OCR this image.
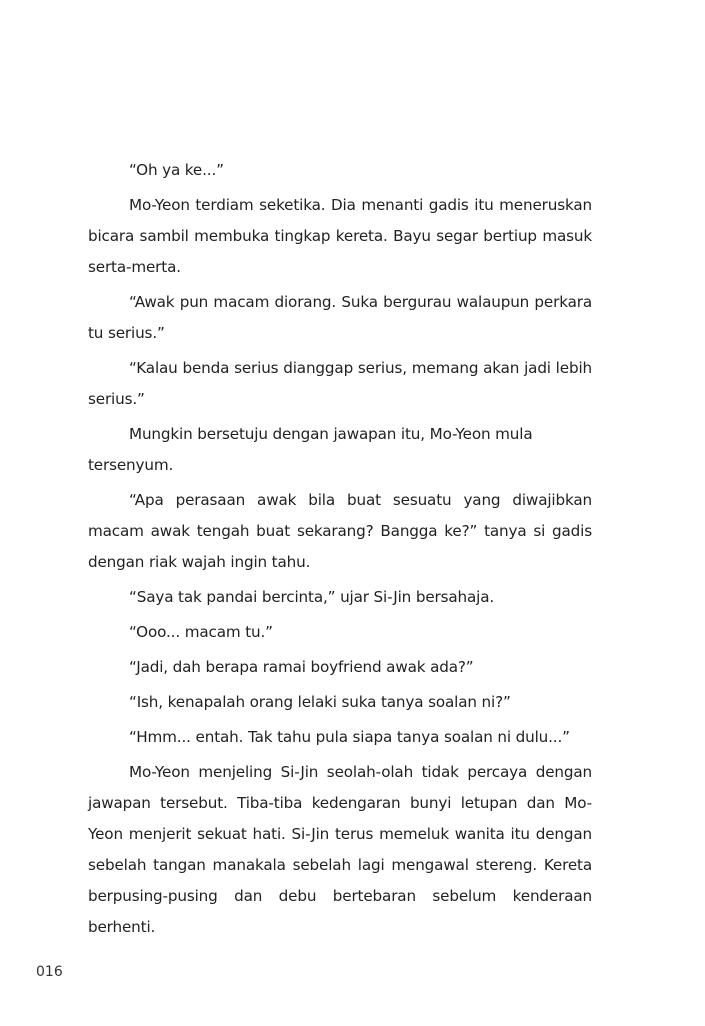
“Oh ya ke...”

Mo-Yeon terdiam seketika. Dia menanti gadis itu meneruskan bicara sambil membuka tingkap kereta. Bayu segar bertiup masuk serta-merta.

“Awak pun macam diorang. Suka bergurau walaupun perkara tu serius.”

“Kalau benda serius dianggap serius, memang akan jadi lebih serius.”

Mungkin bersetuju dengan jawapan itu, Mo-Yeon mula tersenyum.

“Apa perasaan awak bila buat sesuatu yang diwajibkan macam awak tengah buat sekarang? Bangga ke?” tanya si gadis dengan riak wajah ingin tahu.

“Saya tak pandai bercinta,” ujar Si-Jin bersahaja.

“Ooo... macam tu.”

“Jadi, dah berapa ramai boyfriend awak ada?”

“Ish, kenapalah orang lelaki suka tanya soalan ni?”

“Hmm... entah. Tak tahu pula siapa tanya soalan ni dulu...”

Mo-Yeon menjeling Si-Jin seolah-olah tidak percaya dengan jawapan tersebut. Tiba-tiba kedengaran bunyi letupan dan Mo-Yeon menjerit sekuat hati. Si-Jin terus memeluk wanita itu dengan sebelah tangan manakala sebelah lagi mengawal stereng. Kereta berpusing-pusing dan debu bertebaran sebelum kenderaan berhenti.

016
